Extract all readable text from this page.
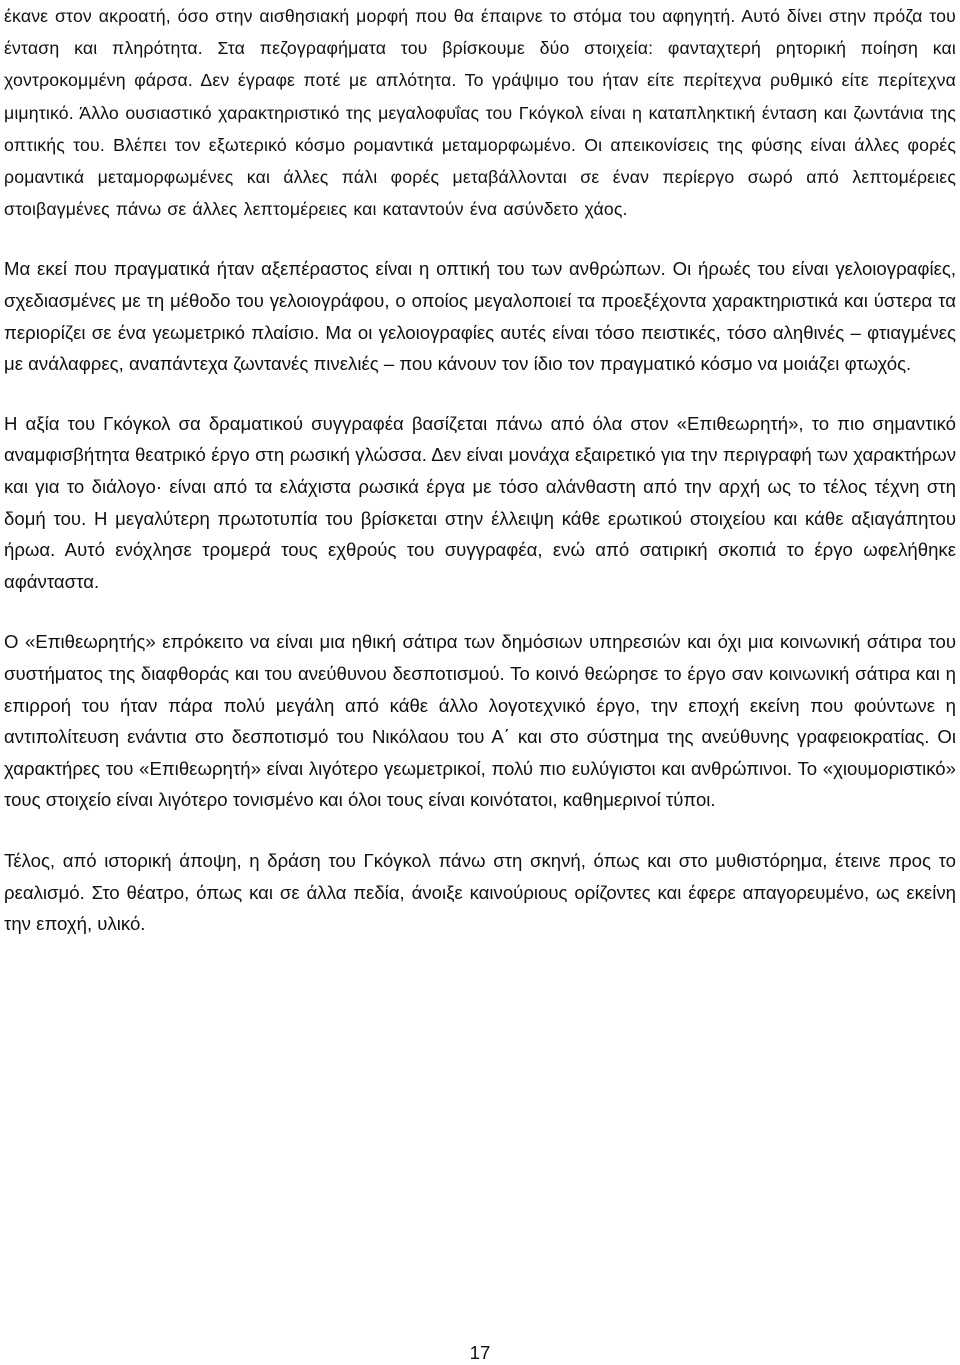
έκανε στον ακροατή, όσο στην αισθησιακή μορφή που θα έπαιρνε το στόμα του αφηγητή. Αυτό δίνει στην πρόζα του ένταση και πληρότητα. Στα πεζογραφήματα του βρίσκουμε δύο στοιχεία: φανταχτερή ρητορική ποίηση και χοντροκομμένη φάρσα. Δεν έγραφε ποτέ με απλότητα. Το γράψιμο του ήταν είτε περίτεχνα ρυθμικό είτε περίτεχνα μιμητικό. Άλλο ουσιαστικό χαρακτηριστικό της μεγαλοφυΐας του Γκόγκολ είναι η καταπληκτική ένταση και ζωντάνια της οπτικής του. Βλέπει τον εξωτερικό κόσμο ρομαντικά μεταμορφωμένο. Οι απεικονίσεις της φύσης είναι άλλες φορές ρομαντικά μεταμορφωμένες και άλλες πάλι φορές μεταβάλλονται σε έναν περίεργο σωρό από λεπτομέρειες στοιβαγμένες πάνω σε άλλες λεπτομέρειες και καταντούν ένα ασύνδετο χάος.

Μα εκεί που πραγματικά ήταν αξεπέραστος είναι η οπτική του των ανθρώπων. Οι ήρωές του είναι γελοιογραφίες, σχεδιασμένες με τη μέθοδο του γελοιογράφου, ο οποίος μεγαλοποιεί τα προεξέχοντα χαρακτηριστικά και ύστερα τα περιορίζει σε ένα γεωμετρικό πλαίσιο. Μα οι γελοιογραφίες αυτές είναι τόσο πειστικές, τόσο αληθινές – φτιαγμένες με ανάλαφρες, αναπάντεχα ζωντανές πινελιές – που κάνουν τον ίδιο τον πραγματικό κόσμο να μοιάζει φτωχός.

Η αξία του Γκόγκολ σα δραματικού συγγραφέα βασίζεται πάνω από όλα στον «Επιθεωρητή», το πιο σημαντικό αναμφισβήτητα θεατρικό έργο στη ρωσική γλώσσα. Δεν είναι μονάχα εξαιρετικό για την περιγραφή των χαρακτήρων και για το διάλογο· είναι από τα ελάχιστα ρωσικά έργα με τόσο αλάνθαστη από την αρχή ως το τέλος τέχνη στη δομή του. Η μεγαλύτερη πρωτοτυπία του βρίσκεται στην έλλειψη κάθε ερωτικού στοιχείου και κάθε αξιαγάπητου ήρωα. Αυτό ενόχλησε τρομερά τους εχθρούς του συγγραφέα, ενώ από σατιρική σκοπιά το έργο ωφελήθηκε αφάνταστα.

Ο «Επιθεωρητής» επρόκειτο να είναι μια ηθική σάτιρα των δημόσιων υπηρεσιών και όχι μια κοινωνική σάτιρα του συστήματος της διαφθοράς και του ανεύθυνου δεσποτισμού. Το κοινό θεώρησε το έργο σαν κοινωνική σάτιρα και η επιρροή του ήταν πάρα πολύ μεγάλη από κάθε άλλο λογοτεχνικό έργο, την εποχή εκείνη που φούντωνε η αντιπολίτευση ενάντια στο δεσποτισμό του Νικόλαου του Α΄ και στο σύστημα της ανεύθυνης γραφειοκρατίας. Οι χαρακτήρες του «Επιθεωρητή» είναι λιγότερο γεωμετρικοί, πολύ πιο ευλύγιστοι και ανθρώπινοι. Το «χιουμοριστικό» τους στοιχείο είναι λιγότερο τονισμένο και όλοι τους είναι κοινότατοι, καθημερινοί τύποι.

Τέλος, από ιστορική άποψη, η δράση του Γκόγκολ πάνω στη σκηνή, όπως και στο μυθιστόρημα, έτεινε προς το ρεαλισμό. Στο θέατρο, όπως και σε άλλα πεδία, άνοιξε καινούριους ορίζοντες και έφερε απαγορευμένο, ως εκείνη την εποχή, υλικό.

17
